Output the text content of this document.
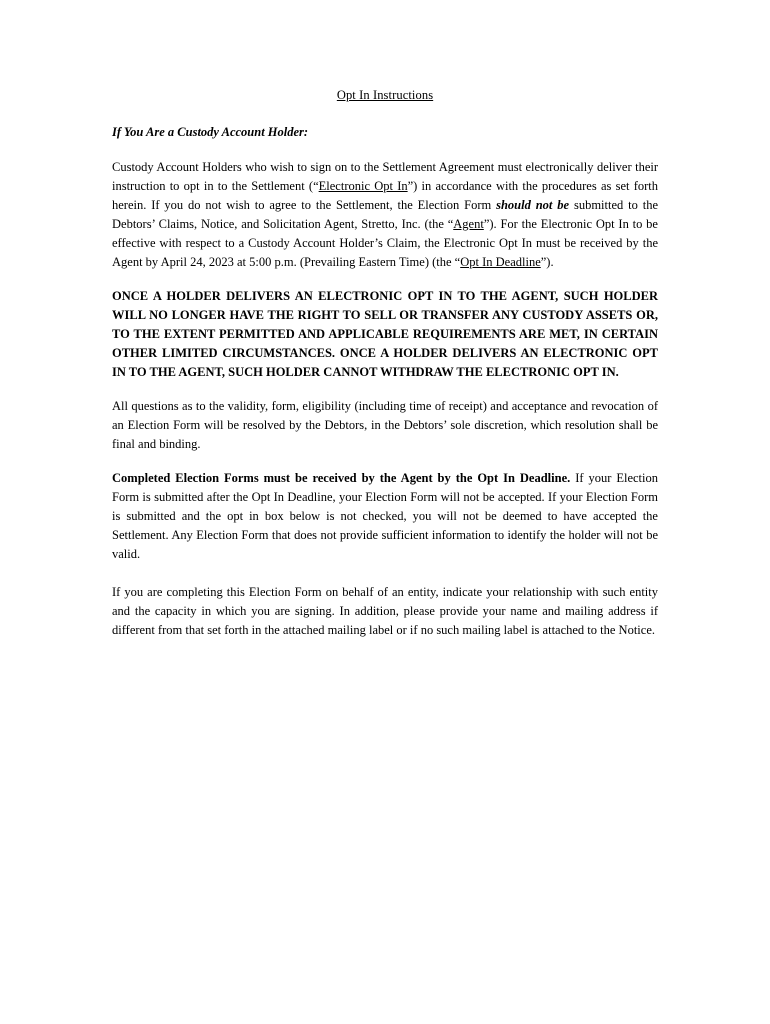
Opt In Instructions
If You Are a Custody Account Holder:

Custody Account Holders who wish to sign on to the Settlement Agreement must electronically deliver their instruction to opt in to the Settlement (“Electronic Opt In”) in accordance with the procedures as set forth herein. If you do not wish to agree to the Settlement, the Election Form should not be submitted to the Debtors’ Claims, Notice, and Solicitation Agent, Stretto, Inc. (the “Agent”). For the Electronic Opt In to be effective with respect to a Custody Account Holder’s Claim, the Electronic Opt In must be received by the Agent by April 24, 2023 at 5:00 p.m. (Prevailing Eastern Time) (the “Opt In Deadline”).

ONCE A HOLDER DELIVERS AN ELECTRONIC OPT IN TO THE AGENT, SUCH HOLDER WILL NO LONGER HAVE THE RIGHT TO SELL OR TRANSFER ANY CUSTODY ASSETS OR, TO THE EXTENT PERMITTED AND APPLICABLE REQUIREMENTS ARE MET, IN CERTAIN OTHER LIMITED CIRCUMSTANCES. ONCE A HOLDER DELIVERS AN ELECTRONIC OPT IN TO THE AGENT, SUCH HOLDER CANNOT WITHDRAW THE ELECTRONIC OPT IN.

All questions as to the validity, form, eligibility (including time of receipt) and acceptance and revocation of an Election Form will be resolved by the Debtors, in the Debtors’ sole discretion, which resolution shall be final and binding.

Completed Election Forms must be received by the Agent by the Opt In Deadline. If your Election Form is submitted after the Opt In Deadline, your Election Form will not be accepted. If your Election Form is submitted and the opt in box below is not checked, you will not be deemed to have accepted the Settlement. Any Election Form that does not provide sufficient information to identify the holder will not be valid.

If you are completing this Election Form on behalf of an entity, indicate your relationship with such entity and the capacity in which you are signing. In addition, please provide your name and mailing address if different from that set forth in the attached mailing label or if no such mailing label is attached to the Notice.
